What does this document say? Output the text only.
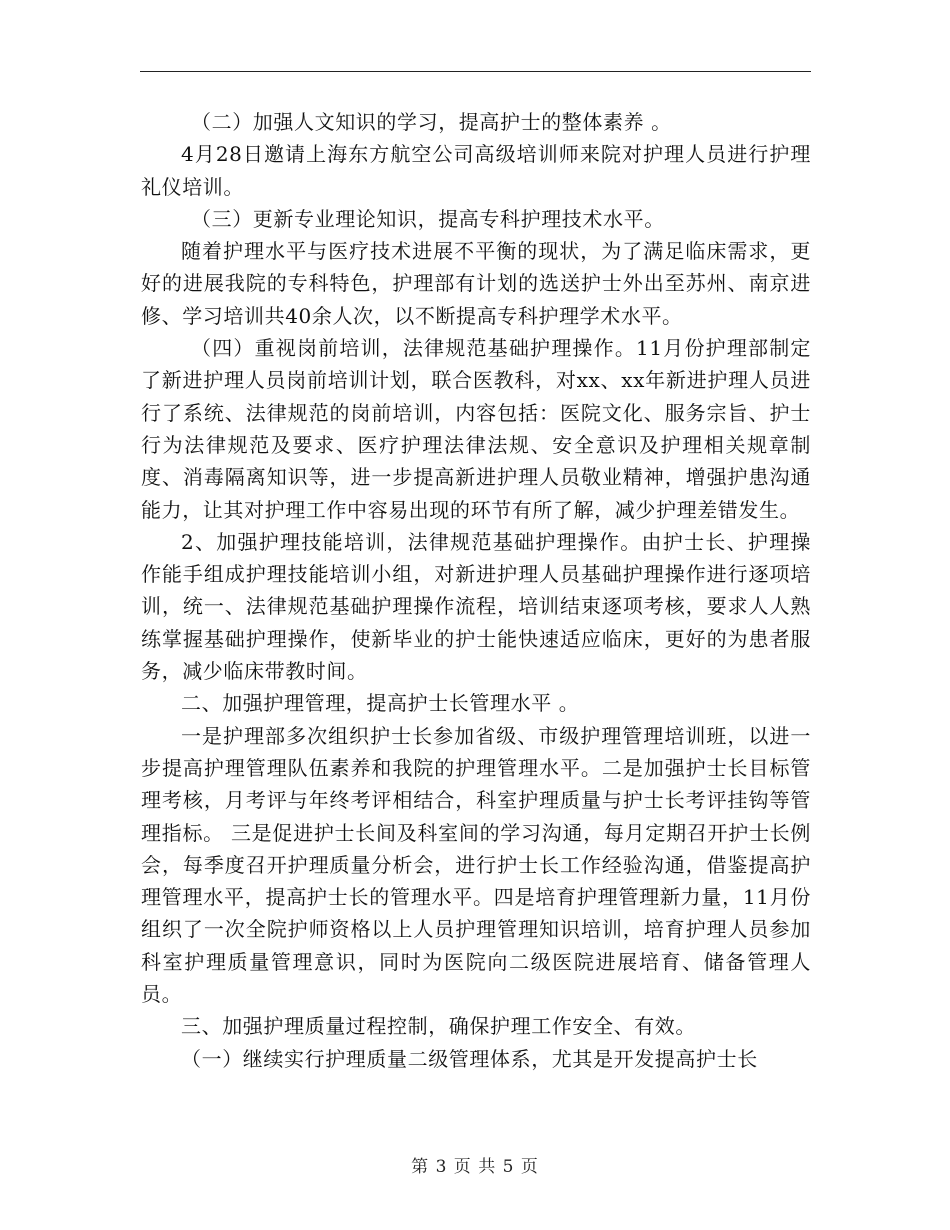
（二）加强人文知识的学习，提高护士的整体素养 。

4月28日邀请上海东方航空公司高级培训师来院对护理人员进行护理礼仪培训。

（三）更新专业理论知识，提高专科护理技术水平。

随着护理水平与医疗技术进展不平衡的现状，为了满足临床需求，更好的进展我院的专科特色，护理部有计划的选送护士外出至苏州、南京进修、学习培训共40余人次，以不断提高专科护理学术水平。

（四）重视岗前培训，法律规范基础护理操作。11月份护理部制定了新进护理人员岗前培训计划，联合医教科，对xx、xx年新进护理人员进行了系统、法律规范的岗前培训，内容包括：医院文化、服务宗旨、护士行为法律规范及要求、医疗护理法律法规、安全意识及护理相关规章制度、消毒隔离知识等，进一步提高新进护理人员敬业精神，增强护患沟通能力，让其对护理工作中容易出现的环节有所了解，减少护理差错发生。

2、加强护理技能培训，法律规范基础护理操作。由护士长、护理操作能手组成护理技能培训小组，对新进护理人员基础护理操作进行逐项培训，统一、法律规范基础护理操作流程，培训结束逐项考核，要求人人熟练掌握基础护理操作，使新毕业的护士能快速适应临床，更好的为患者服务，减少临床带教时间。

二、加强护理管理，提高护士长管理水平 。

一是护理部多次组织护士长参加省级、市级护理管理培训班，以进一步提高护理管理队伍素养和我院的护理管理水平。二是加强护士长目标管理考核，月考评与年终考评相结合，科室护理质量与护士长考评挂钩等管理指标。 三是促进护士长间及科室间的学习沟通，每月定期召开护士长例会，每季度召开护理质量分析会，进行护士长工作经验沟通，借鉴提高护理管理水平，提高护士长的管理水平。四是培育护理管理新力量，11月份组织了一次全院护师资格以上人员护理管理知识培训，培育护理人员参加科室护理质量管理意识，同时为医院向二级医院进展培育、储备管理人员。

三、加强护理质量过程控制，确保护理工作安全、有效。

（一）继续实行护理质量二级管理体系，尤其是开发提高护士长

第 3 页 共 5 页
